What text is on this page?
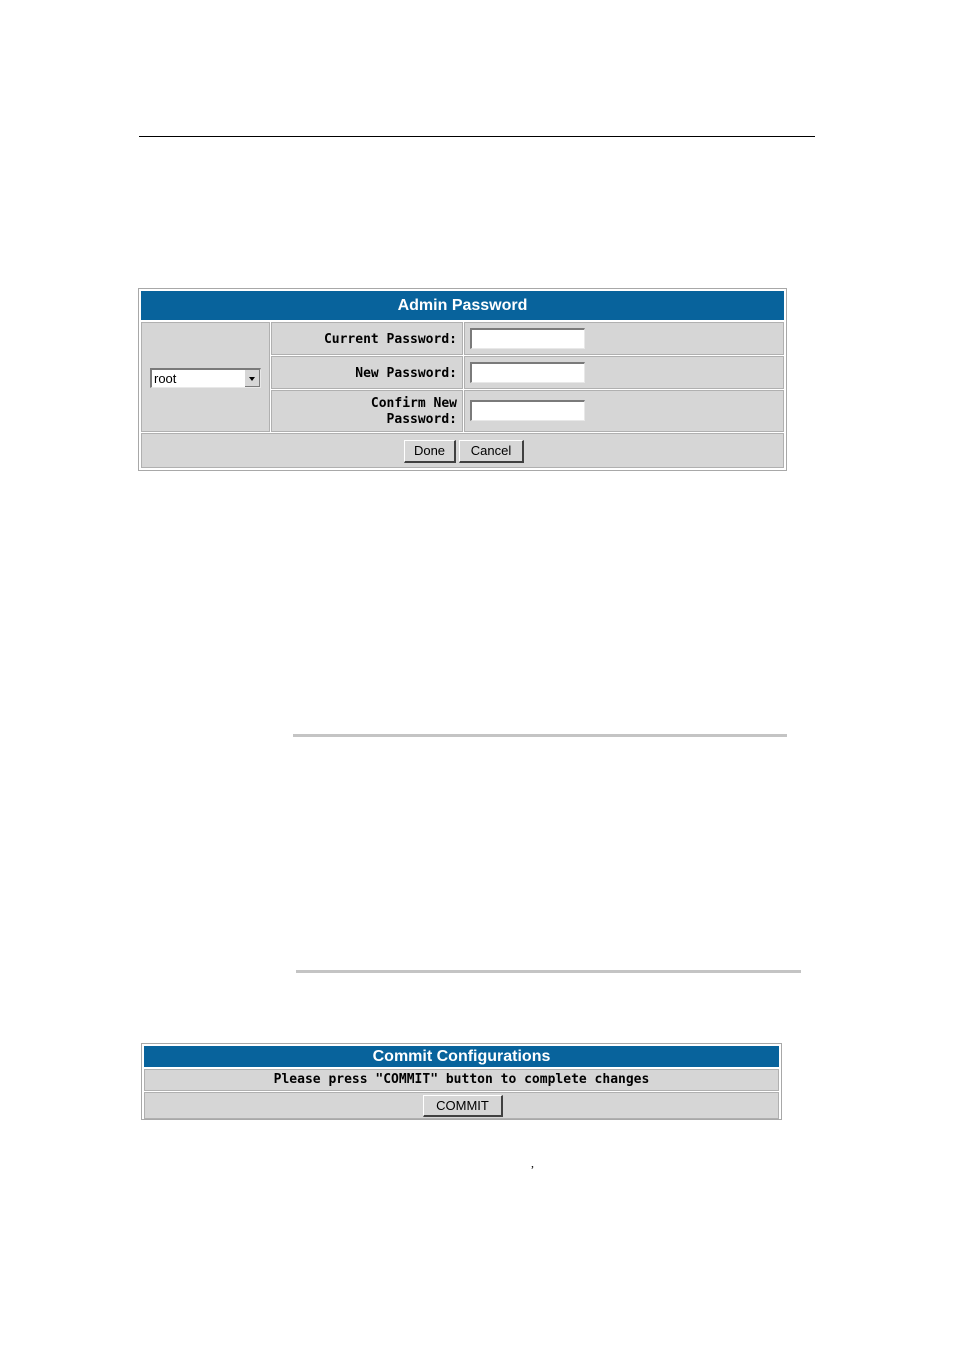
Admin Password
root
Current Password:
New Password:
Confirm New
Password:
Done	Cancel
Commit Configurations
Please press "COMMIT" button to complete changes
COMMIT
,
